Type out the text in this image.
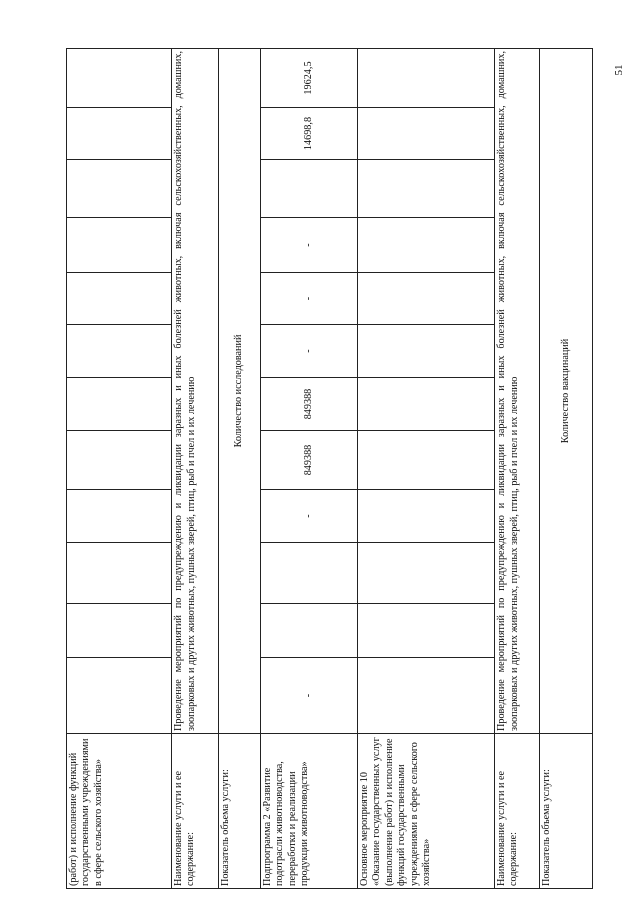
51
(работ) и исполнение функций государственными учреждениями в сфере сельского хозяйства»												
Наименование услуги и ее содержание:	Проведение мероприятий по предупреждению и ликвидации заразных и иных болезней животных, включая сельскохозяйственных, домашних, зоопарковых и других животных, пушных зверей, птиц, рыб и пчел и их лечению											
Показатель объема услуги:	Количество исследований											
Подпрограмма 2 «Развитие подотрасли животноводства, переработки и реализации продукции животноводства»	-			-	849388	849388	-	-	-		14698,8	19624,5
Основное мероприятие 10 «Оказание государственных услуг (выполнение работ) и исполнение функций государственными учреждениями в сфере сельского хозяйства»												
Наименование услуги и ее содержание:	Проведение мероприятий по предупреждению и ликвидации заразных и иных болезней животных, включая сельскохозяйственных, домашних, зоопарковых и других животных, пушных зверей, птиц, рыб и пчел и их лечению											
Показатель объема услуги:	Количество вакцинаций											
